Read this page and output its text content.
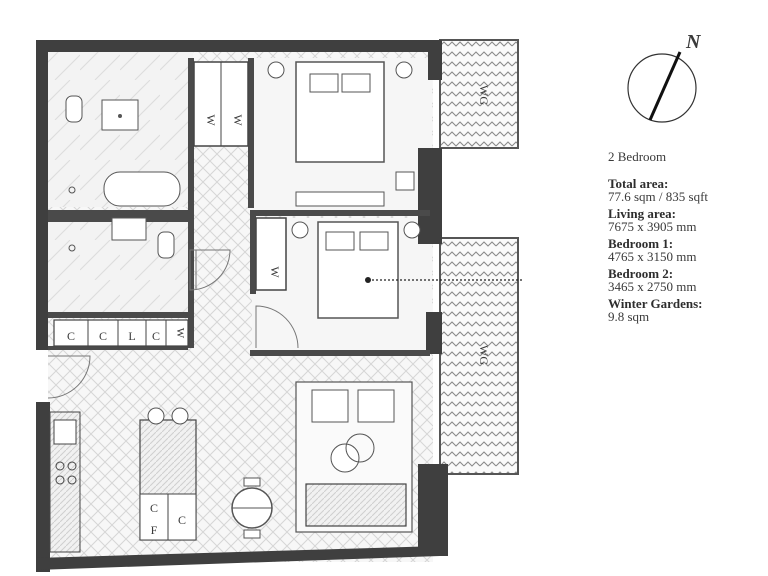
WG
WG
W W
W
C C L C W
C
C
F
N
2 Bedroom
Total area:
77.6 sqm / 835 sqft
Living area:
7675 x 3905 mm
Bedroom 1:
4765 x 3150 mm
Bedroom 2:
3465 x 2750 mm
Winter Gardens:
9.8 sqm
